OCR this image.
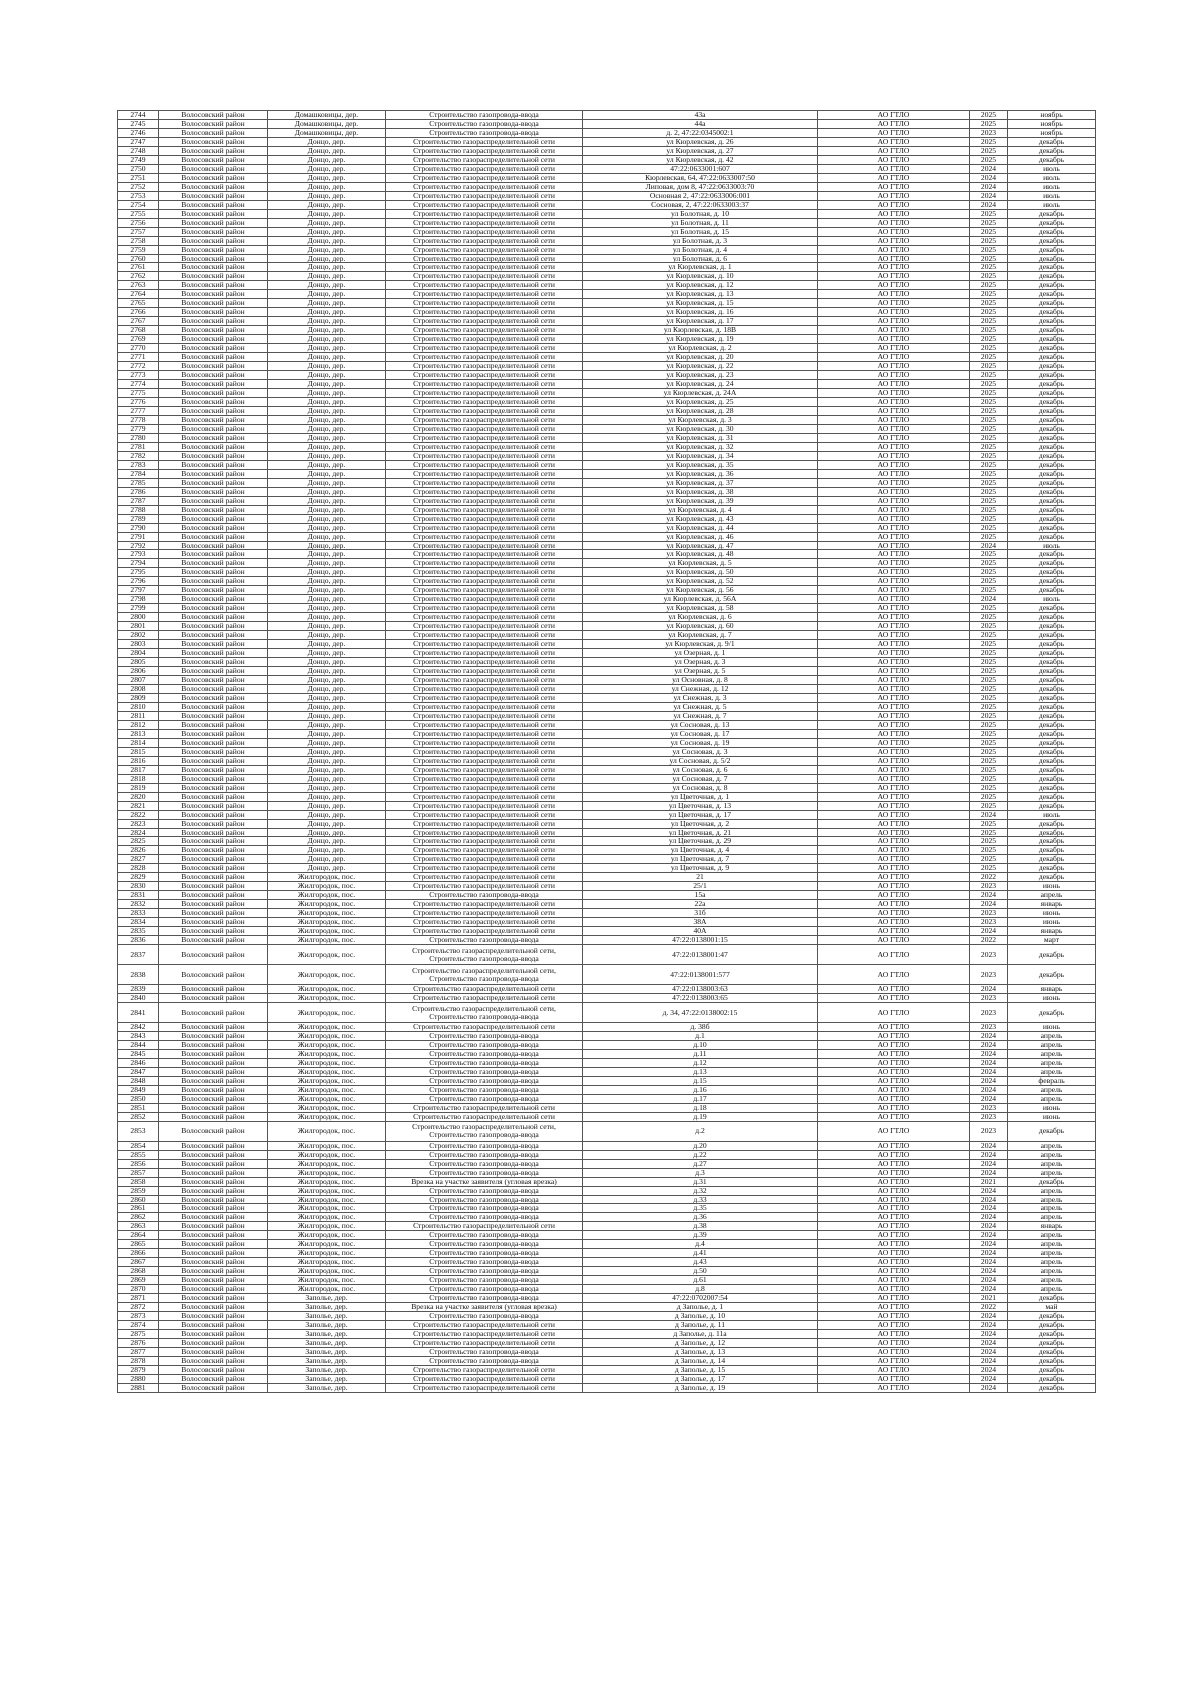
2744	Волосовский район	Домашковицы, дер.	Строительство газопровода-ввода	43а	АО ГТЛО	2025	ноябрь
2745	Волосовский район	Домашковицы, дер.	Строительство газопровода-ввода	44а	АО ГТЛО	2025	ноябрь
2746	Волосовский район	Домашковицы, дер.	Строительство газопровода-ввода	д. 2, 47:22:0345002:1	АО ГТЛО	2023	ноябрь
2747	Волосовский район	Донцо, дер.	Строительство газораспределительной сети	ул Кюрлевская, д. 26	АО ГТЛО	2025	декабрь
2748	Волосовский район	Донцо, дер.	Строительство газораспределительной сети	ул Кюрлевская, д. 27	АО ГТЛО	2025	декабрь
2749	Волосовский район	Донцо, дер.	Строительство газораспределительной сети	ул Кюрлевская, д. 42	АО ГТЛО	2025	декабрь
2750	Волосовский район	Донцо, дер.	Строительство газораспределительной сети	47:22:0633001:607	АО ГТЛО	2024	июль
2751	Волосовский район	Донцо, дер.	Строительство газораспределительной сети	Кюрлевская, 64, 47:22:0633007:50	АО ГТЛО	2024	июль
2752	Волосовский район	Донцо, дер.	Строительство газораспределительной сети	Липовая, дом 8, 47:22:0633003:70	АО ГТЛО	2024	июль
2753	Волосовский район	Донцо, дер.	Строительство газораспределительной сети	Основная 2, 47:22:0633006:001	АО ГТЛО	2024	июль
2754	Волосовский район	Донцо, дер.	Строительство газораспределительной сети	Сосновая, 2, 47:22:0633003:37	АО ГТЛО	2024	июль
2755	Волосовский район	Донцо, дер.	Строительство газораспределительной сети	ул Болотная, д. 10	АО ГТЛО	2025	декабрь
2756	Волосовский район	Донцо, дер.	Строительство газораспределительной сети	ул Болотная, д. 11	АО ГТЛО	2025	декабрь
2757	Волосовский район	Донцо, дер.	Строительство газораспределительной сети	ул Болотная, д. 15	АО ГТЛО	2025	декабрь
2758	Волосовский район	Донцо, дер.	Строительство газораспределительной сети	ул Болотная, д. 3	АО ГТЛО	2025	декабрь
2759	Волосовский район	Донцо, дер.	Строительство газораспределительной сети	ул Болотная, д. 4	АО ГТЛО	2025	декабрь
2760	Волосовский район	Донцо, дер.	Строительство газораспределительной сети	ул Болотная, д. 6	АО ГТЛО	2025	декабрь
2761	Волосовский район	Донцо, дер.	Строительство газораспределительной сети	ул Кюрлевская, д. 1	АО ГТЛО	2025	декабрь
2762	Волосовский район	Донцо, дер.	Строительство газораспределительной сети	ул Кюрлевская, д. 10	АО ГТЛО	2025	декабрь
2763	Волосовский район	Донцо, дер.	Строительство газораспределительной сети	ул Кюрлевская, д. 12	АО ГТЛО	2025	декабрь
2764	Волосовский район	Донцо, дер.	Строительство газораспределительной сети	ул Кюрлевская, д. 13	АО ГТЛО	2025	декабрь
2765	Волосовский район	Донцо, дер.	Строительство газораспределительной сети	ул Кюрлевская, д. 15	АО ГТЛО	2025	декабрь
2766	Волосовский район	Донцо, дер.	Строительство газораспределительной сети	ул Кюрлевская, д. 16	АО ГТЛО	2025	декабрь
2767	Волосовский район	Донцо, дер.	Строительство газораспределительной сети	ул Кюрлевская, д. 17	АО ГТЛО	2025	декабрь
2768	Волосовский район	Донцо, дер.	Строительство газораспределительной сети	ул Кюрлевская, д. 18В	АО ГТЛО	2025	декабрь
2769	Волосовский район	Донцо, дер.	Строительство газораспределительной сети	ул Кюрлевская, д. 19	АО ГТЛО	2025	декабрь
2770	Волосовский район	Донцо, дер.	Строительство газораспределительной сети	ул Кюрлевская, д. 2	АО ГТЛО	2025	декабрь
2771	Волосовский район	Донцо, дер.	Строительство газораспределительной сети	ул Кюрлевская, д. 20	АО ГТЛО	2025	декабрь
2772	Волосовский район	Донцо, дер.	Строительство газораспределительной сети	ул Кюрлевская, д. 22	АО ГТЛО	2025	декабрь
2773	Волосовский район	Донцо, дер.	Строительство газораспределительной сети	ул Кюрлевская, д. 23	АО ГТЛО	2025	декабрь
2774	Волосовский район	Донцо, дер.	Строительство газораспределительной сети	ул Кюрлевская, д. 24	АО ГТЛО	2025	декабрь
2775	Волосовский район	Донцо, дер.	Строительство газораспределительной сети	ул Кюрлевская, д. 24А	АО ГТЛО	2025	декабрь
2776	Волосовский район	Донцо, дер.	Строительство газораспределительной сети	ул Кюрлевская, д. 25	АО ГТЛО	2025	декабрь
2777	Волосовский район	Донцо, дер.	Строительство газораспределительной сети	ул Кюрлевская, д. 28	АО ГТЛО	2025	декабрь
2778	Волосовский район	Донцо, дер.	Строительство газораспределительной сети	ул Кюрлевская, д. 3	АО ГТЛО	2025	декабрь
2779	Волосовский район	Донцо, дер.	Строительство газораспределительной сети	ул Кюрлевская, д. 30	АО ГТЛО	2025	декабрь
2780	Волосовский район	Донцо, дер.	Строительство газораспределительной сети	ул Кюрлевская, д. 31	АО ГТЛО	2025	декабрь
2781	Волосовский район	Донцо, дер.	Строительство газораспределительной сети	ул Кюрлевская, д. 32	АО ГТЛО	2025	декабрь
2782	Волосовский район	Донцо, дер.	Строительство газораспределительной сети	ул Кюрлевская, д. 34	АО ГТЛО	2025	декабрь
2783	Волосовский район	Донцо, дер.	Строительство газораспределительной сети	ул Кюрлевская, д. 35	АО ГТЛО	2025	декабрь
2784	Волосовский район	Донцо, дер.	Строительство газораспределительной сети	ул Кюрлевская, д. 36	АО ГТЛО	2025	декабрь
2785	Волосовский район	Донцо, дер.	Строительство газораспределительной сети	ул Кюрлевская, д. 37	АО ГТЛО	2025	декабрь
2786	Волосовский район	Донцо, дер.	Строительство газораспределительной сети	ул Кюрлевская, д. 38	АО ГТЛО	2025	декабрь
2787	Волосовский район	Донцо, дер.	Строительство газораспределительной сети	ул Кюрлевская, д. 39	АО ГТЛО	2025	декабрь
2788	Волосовский район	Донцо, дер.	Строительство газораспределительной сети	ул Кюрлевская, д. 4	АО ГТЛО	2025	декабрь
2789	Волосовский район	Донцо, дер.	Строительство газораспределительной сети	ул Кюрлевская, д. 43	АО ГТЛО	2025	декабрь
2790	Волосовский район	Донцо, дер.	Строительство газораспределительной сети	ул Кюрлевская, д. 44	АО ГТЛО	2025	декабрь
2791	Волосовский район	Донцо, дер.	Строительство газораспределительной сети	ул Кюрлевская, д. 46	АО ГТЛО	2025	декабрь
2792	Волосовский район	Донцо, дер.	Строительство газораспределительной сети	ул Кюрлевская, д. 47	АО ГТЛО	2024	июль
2793	Волосовский район	Донцо, дер.	Строительство газораспределительной сети	ул Кюрлевская, д. 48	АО ГТЛО	2025	декабрь
2794	Волосовский район	Донцо, дер.	Строительство газораспределительной сети	ул Кюрлевская, д. 5	АО ГТЛО	2025	декабрь
2795	Волосовский район	Донцо, дер.	Строительство газораспределительной сети	ул Кюрлевская, д. 50	АО ГТЛО	2025	декабрь
2796	Волосовский район	Донцо, дер.	Строительство газораспределительной сети	ул Кюрлевская, д. 52	АО ГТЛО	2025	декабрь
2797	Волосовский район	Донцо, дер.	Строительство газораспределительной сети	ул Кюрлевская, д. 56	АО ГТЛО	2025	декабрь
2798	Волосовский район	Донцо, дер.	Строительство газораспределительной сети	ул Кюрлевская, д. 56А	АО ГТЛО	2024	июль
2799	Волосовский район	Донцо, дер.	Строительство газораспределительной сети	ул Кюрлевская, д. 58	АО ГТЛО	2025	декабрь
2800	Волосовский район	Донцо, дер.	Строительство газораспределительной сети	ул Кюрлевская, д. 6	АО ГТЛО	2025	декабрь
2801	Волосовский район	Донцо, дер.	Строительство газораспределительной сети	ул Кюрлевская, д. 60	АО ГТЛО	2025	декабрь
2802	Волосовский район	Донцо, дер.	Строительство газораспределительной сети	ул Кюрлевская, д. 7	АО ГТЛО	2025	декабрь
2803	Волосовский район	Донцо, дер.	Строительство газораспределительной сети	ул Кюрлевская, д. 9/1	АО ГТЛО	2025	декабрь
2804	Волосовский район	Донцо, дер.	Строительство газораспределительной сети	ул Озерная, д. 1	АО ГТЛО	2025	декабрь
2805	Волосовский район	Донцо, дер.	Строительство газораспределительной сети	ул Озерная, д. 3	АО ГТЛО	2025	декабрь
2806	Волосовский район	Донцо, дер.	Строительство газораспределительной сети	ул Озерная, д. 5	АО ГТЛО	2025	декабрь
2807	Волосовский район	Донцо, дер.	Строительство газораспределительной сети	ул Основная, д. 8	АО ГТЛО	2025	декабрь
2808	Волосовский район	Донцо, дер.	Строительство газораспределительной сети	ул Снежная, д. 12	АО ГТЛО	2025	декабрь
2809	Волосовский район	Донцо, дер.	Строительство газораспределительной сети	ул Снежная, д. 3	АО ГТЛО	2025	декабрь
2810	Волосовский район	Донцо, дер.	Строительство газораспределительной сети	ул Снежная, д. 5	АО ГТЛО	2025	декабрь
2811	Волосовский район	Донцо, дер.	Строительство газораспределительной сети	ул Снежная, д. 7	АО ГТЛО	2025	декабрь
2812	Волосовский район	Донцо, дер.	Строительство газораспределительной сети	ул Сосновая, д. 13	АО ГТЛО	2025	декабрь
2813	Волосовский район	Донцо, дер.	Строительство газораспределительной сети	ул Сосновая, д. 17	АО ГТЛО	2025	декабрь
2814	Волосовский район	Донцо, дер.	Строительство газораспределительной сети	ул Сосновая, д. 19	АО ГТЛО	2025	декабрь
2815	Волосовский район	Донцо, дер.	Строительство газораспределительной сети	ул Сосновая, д. 3	АО ГТЛО	2025	декабрь
2816	Волосовский район	Донцо, дер.	Строительство газораспределительной сети	ул Сосновая, д. 5/2	АО ГТЛО	2025	декабрь
2817	Волосовский район	Донцо, дер.	Строительство газораспределительной сети	ул Сосновая, д. 6	АО ГТЛО	2025	декабрь
2818	Волосовский район	Донцо, дер.	Строительство газораспределительной сети	ул Сосновая, д. 7	АО ГТЛО	2025	декабрь
2819	Волосовский район	Донцо, дер.	Строительство газораспределительной сети	ул Сосновая, д. 8	АО ГТЛО	2025	декабрь
2820	Волосовский район	Донцо, дер.	Строительство газораспределительной сети	ул Цветочная, д. 1	АО ГТЛО	2025	декабрь
2821	Волосовский район	Донцо, дер.	Строительство газораспределительной сети	ул Цветочная, д. 13	АО ГТЛО	2025	декабрь
2822	Волосовский район	Донцо, дер.	Строительство газораспределительной сети	ул Цветочная, д. 17	АО ГТЛО	2024	июль
2823	Волосовский район	Донцо, дер.	Строительство газораспределительной сети	ул Цветочная, д. 2	АО ГТЛО	2025	декабрь
2824	Волосовский район	Донцо, дер.	Строительство газораспределительной сети	ул Цветочная, д. 21	АО ГТЛО	2025	декабрь
2825	Волосовский район	Донцо, дер.	Строительство газораспределительной сети	ул Цветочная, д. 29	АО ГТЛО	2025	декабрь
2826	Волосовский район	Донцо, дер.	Строительство газораспределительной сети	ул Цветочная, д. 4	АО ГТЛО	2025	декабрь
2827	Волосовский район	Донцо, дер.	Строительство газораспределительной сети	ул Цветочная, д. 7	АО ГТЛО	2025	декабрь
2828	Волосовский район	Донцо, дер.	Строительство газораспределительной сети	ул Цветочная, д. 9	АО ГТЛО	2025	декабрь
2829	Волосовский район	Жилгородок, пос.	Строительство газораспределительной сети	21	АО ГТЛО	2022	декабрь
2830	Волосовский район	Жилгородок, пос.	Строительство газораспределительной сети	25/1	АО ГТЛО	2023	июнь
2831	Волосовский район	Жилгородок, пос.	Строительство газопровода-ввода	15а	АО ГТЛО	2024	апрель
2832	Волосовский район	Жилгородок, пос.	Строительство газораспределительной сети	22а	АО ГТЛО	2024	январь
2833	Волосовский район	Жилгородок, пос.	Строительство газораспределительной сети	31б	АО ГТЛО	2023	июнь
2834	Волосовский район	Жилгородок, пос.	Строительство газораспределительной сети	38А	АО ГТЛО	2023	июнь
2835	Волосовский район	Жилгородок, пос.	Строительство газораспределительной сети	40А	АО ГТЛО	2024	январь
2836	Волосовский район	Жилгородок, пос.	Строительство газопровода-ввода	47:22:0138001:15	АО ГТЛО	2022	март
2837	Волосовский район	Жилгородок, пос.	Строительство газораспределительной сети, Строительство газопровода-ввода	47:22:0138001:47	АО ГТЛО	2023	декабрь
2838	Волосовский район	Жилгородок, пос.	Строительство газораспределительной сети, Строительство газопровода-ввода	47:22:0138001:577	АО ГТЛО	2023	декабрь
2839	Волосовский район	Жилгородок, пос.	Строительство газораспределительной сети	47:22:0138003:63	АО ГТЛО	2024	январь
2840	Волосовский район	Жилгородок, пос.	Строительство газораспределительной сети	47:22:0138003:65	АО ГТЛО	2023	июнь
2841	Волосовский район	Жилгородок, пос.	Строительство газораспределительной сети, Строительство газопровода-ввода	д. 34, 47:22:0138002:15	АО ГТЛО	2023	декабрь
2842	Волосовский район	Жилгородок, пос.	Строительство газораспределительной сети	д. 38б	АО ГТЛО	2023	июнь
2843	Волосовский район	Жилгородок, пос.	Строительство газопровода-ввода	д.1	АО ГТЛО	2024	апрель
2844	Волосовский район	Жилгородок, пос.	Строительство газопровода-ввода	д.10	АО ГТЛО	2024	апрель
2845	Волосовский район	Жилгородок, пос.	Строительство газопровода-ввода	д.11	АО ГТЛО	2024	апрель
2846	Волосовский район	Жилгородок, пос.	Строительство газопровода-ввода	д.12	АО ГТЛО	2024	апрель
2847	Волосовский район	Жилгородок, пос.	Строительство газопровода-ввода	д.13	АО ГТЛО	2024	апрель
2848	Волосовский район	Жилгородок, пос.	Строительство газопровода-ввода	д.15	АО ГТЛО	2024	февраль
2849	Волосовский район	Жилгородок, пос.	Строительство газопровода-ввода	д.16	АО ГТЛО	2024	апрель
2850	Волосовский район	Жилгородок, пос.	Строительство газопровода-ввода	д.17	АО ГТЛО	2024	апрель
2851	Волосовский район	Жилгородок, пос.	Строительство газораспределительной сети	д.18	АО ГТЛО	2023	июнь
2852	Волосовский район	Жилгородок, пос.	Строительство газораспределительной сети	д.19	АО ГТЛО	2023	июнь
2853	Волосовский район	Жилгородок, пос.	Строительство газораспределительной сети, Строительство газопровода-ввода	д.2	АО ГТЛО	2023	декабрь
2854	Волосовский район	Жилгородок, пос.	Строительство газопровода-ввода	д.20	АО ГТЛО	2024	апрель
2855	Волосовский район	Жилгородок, пос.	Строительство газопровода-ввода	д.22	АО ГТЛО	2024	апрель
2856	Волосовский район	Жилгородок, пос.	Строительство газопровода-ввода	д.27	АО ГТЛО	2024	апрель
2857	Волосовский район	Жилгородок, пос.	Строительство газопровода-ввода	д.3	АО ГТЛО	2024	апрель
2858	Волосовский район	Жилгородок, пос.	Врезка на участке заявителя (угловая врезка)	д.31	АО ГТЛО	2021	декабрь
2859	Волосовский район	Жилгородок, пос.	Строительство газопровода-ввода	д.32	АО ГТЛО	2024	апрель
2860	Волосовский район	Жилгородок, пос.	Строительство газопровода-ввода	д.33	АО ГТЛО	2024	апрель
2861	Волосовский район	Жилгородок, пос.	Строительство газопровода-ввода	д.35	АО ГТЛО	2024	апрель
2862	Волосовский район	Жилгородок, пос.	Строительство газопровода-ввода	д.36	АО ГТЛО	2024	апрель
2863	Волосовский район	Жилгородок, пос.	Строительство газораспределительной сети	д.38	АО ГТЛО	2024	январь
2864	Волосовский район	Жилгородок, пос.	Строительство газопровода-ввода	д.39	АО ГТЛО	2024	апрель
2865	Волосовский район	Жилгородок, пос.	Строительство газопровода-ввода	д.4	АО ГТЛО	2024	апрель
2866	Волосовский район	Жилгородок, пос.	Строительство газопровода-ввода	д.41	АО ГТЛО	2024	апрель
2867	Волосовский район	Жилгородок, пос.	Строительство газопровода-ввода	д.43	АО ГТЛО	2024	апрель
2868	Волосовский район	Жилгородок, пос.	Строительство газопровода-ввода	д.50	АО ГТЛО	2024	апрель
2869	Волосовский район	Жилгородок, пос.	Строительство газопровода-ввода	д.61	АО ГТЛО	2024	апрель
2870	Волосовский район	Жилгородок, пос.	Строительство газопровода-ввода	д.8	АО ГТЛО	2024	апрель
2871	Волосовский район	Заполье, дер.	Строительство газопровода-ввода	47:22:0702007:54	АО ГТЛО	2021	декабрь
2872	Волосовский район	Заполье, дер.	Врезка на участке заявителя (угловая врезка)	д Заполье, д. 1	АО ГТЛО	2022	май
2873	Волосовский район	Заполье, дер.	Строительство газопровода-ввода	д Заполье, д. 10	АО ГТЛО	2024	декабрь
2874	Волосовский район	Заполье, дер.	Строительство газораспределительной сети	д Заполье, д. 11	АО ГТЛО	2024	декабрь
2875	Волосовский район	Заполье, дер.	Строительство газораспределительной сети	д Заполье, д. 11а	АО ГТЛО	2024	декабрь
2876	Волосовский район	Заполье, дер.	Строительство газораспределительной сети	д Заполье, д. 12	АО ГТЛО	2024	декабрь
2877	Волосовский район	Заполье, дер.	Строительство газопровода-ввода	д Заполье, д. 13	АО ГТЛО	2024	декабрь
2878	Волосовский район	Заполье, дер.	Строительство газопровода-ввода	д Заполье, д. 14	АО ГТЛО	2024	декабрь
2879	Волосовский район	Заполье, дер.	Строительство газораспределительной сети	д Заполье, д. 15	АО ГТЛО	2024	декабрь
2880	Волосовский район	Заполье, дер.	Строительство газораспределительной сети	д Заполье, д. 17	АО ГТЛО	2024	декабрь
2881	Волосовский район	Заполье, дер.	Строительство газораспределительной сети	д Заполье, д. 19	АО ГТЛО	2024	декабрь
